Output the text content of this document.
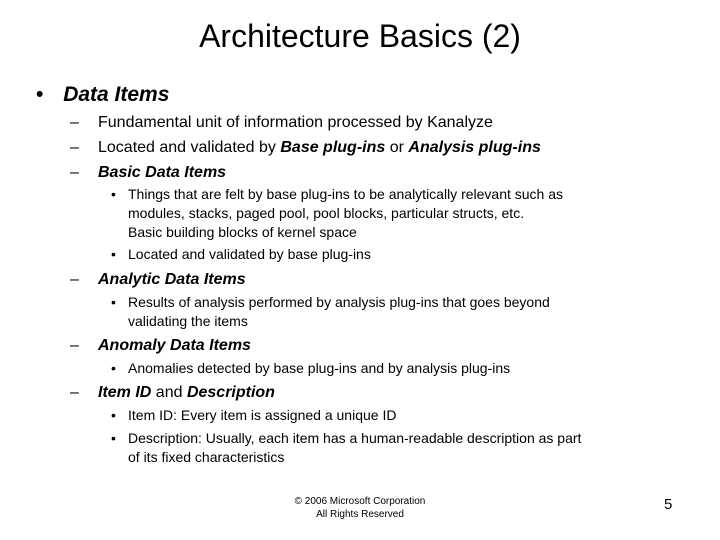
Architecture Basics (2)
• Data Items
– Fundamental unit of information processed by Kanalyze
– Located and validated by Base plug-ins or Analysis plug-ins
– Basic Data Items
• Things that are felt by base plug-ins to be analytically relevant such as
modules, stacks, paged pool, pool blocks, particular structs, etc.
Basic building blocks of kernel space
• Located and validated by base plug-ins
– Analytic Data Items
• Results of analysis performed by analysis plug-ins that goes beyond
validating the items
– Anomaly Data Items
• Anomalies detected by base plug-ins and by analysis plug-ins
– Item ID and Description
• Item ID: Every item is assigned a unique ID
• Description: Usually, each item has a human-readable description as part
of its fixed characteristics
© 2006 Microsoft Corporation
All Rights Reserved
5
